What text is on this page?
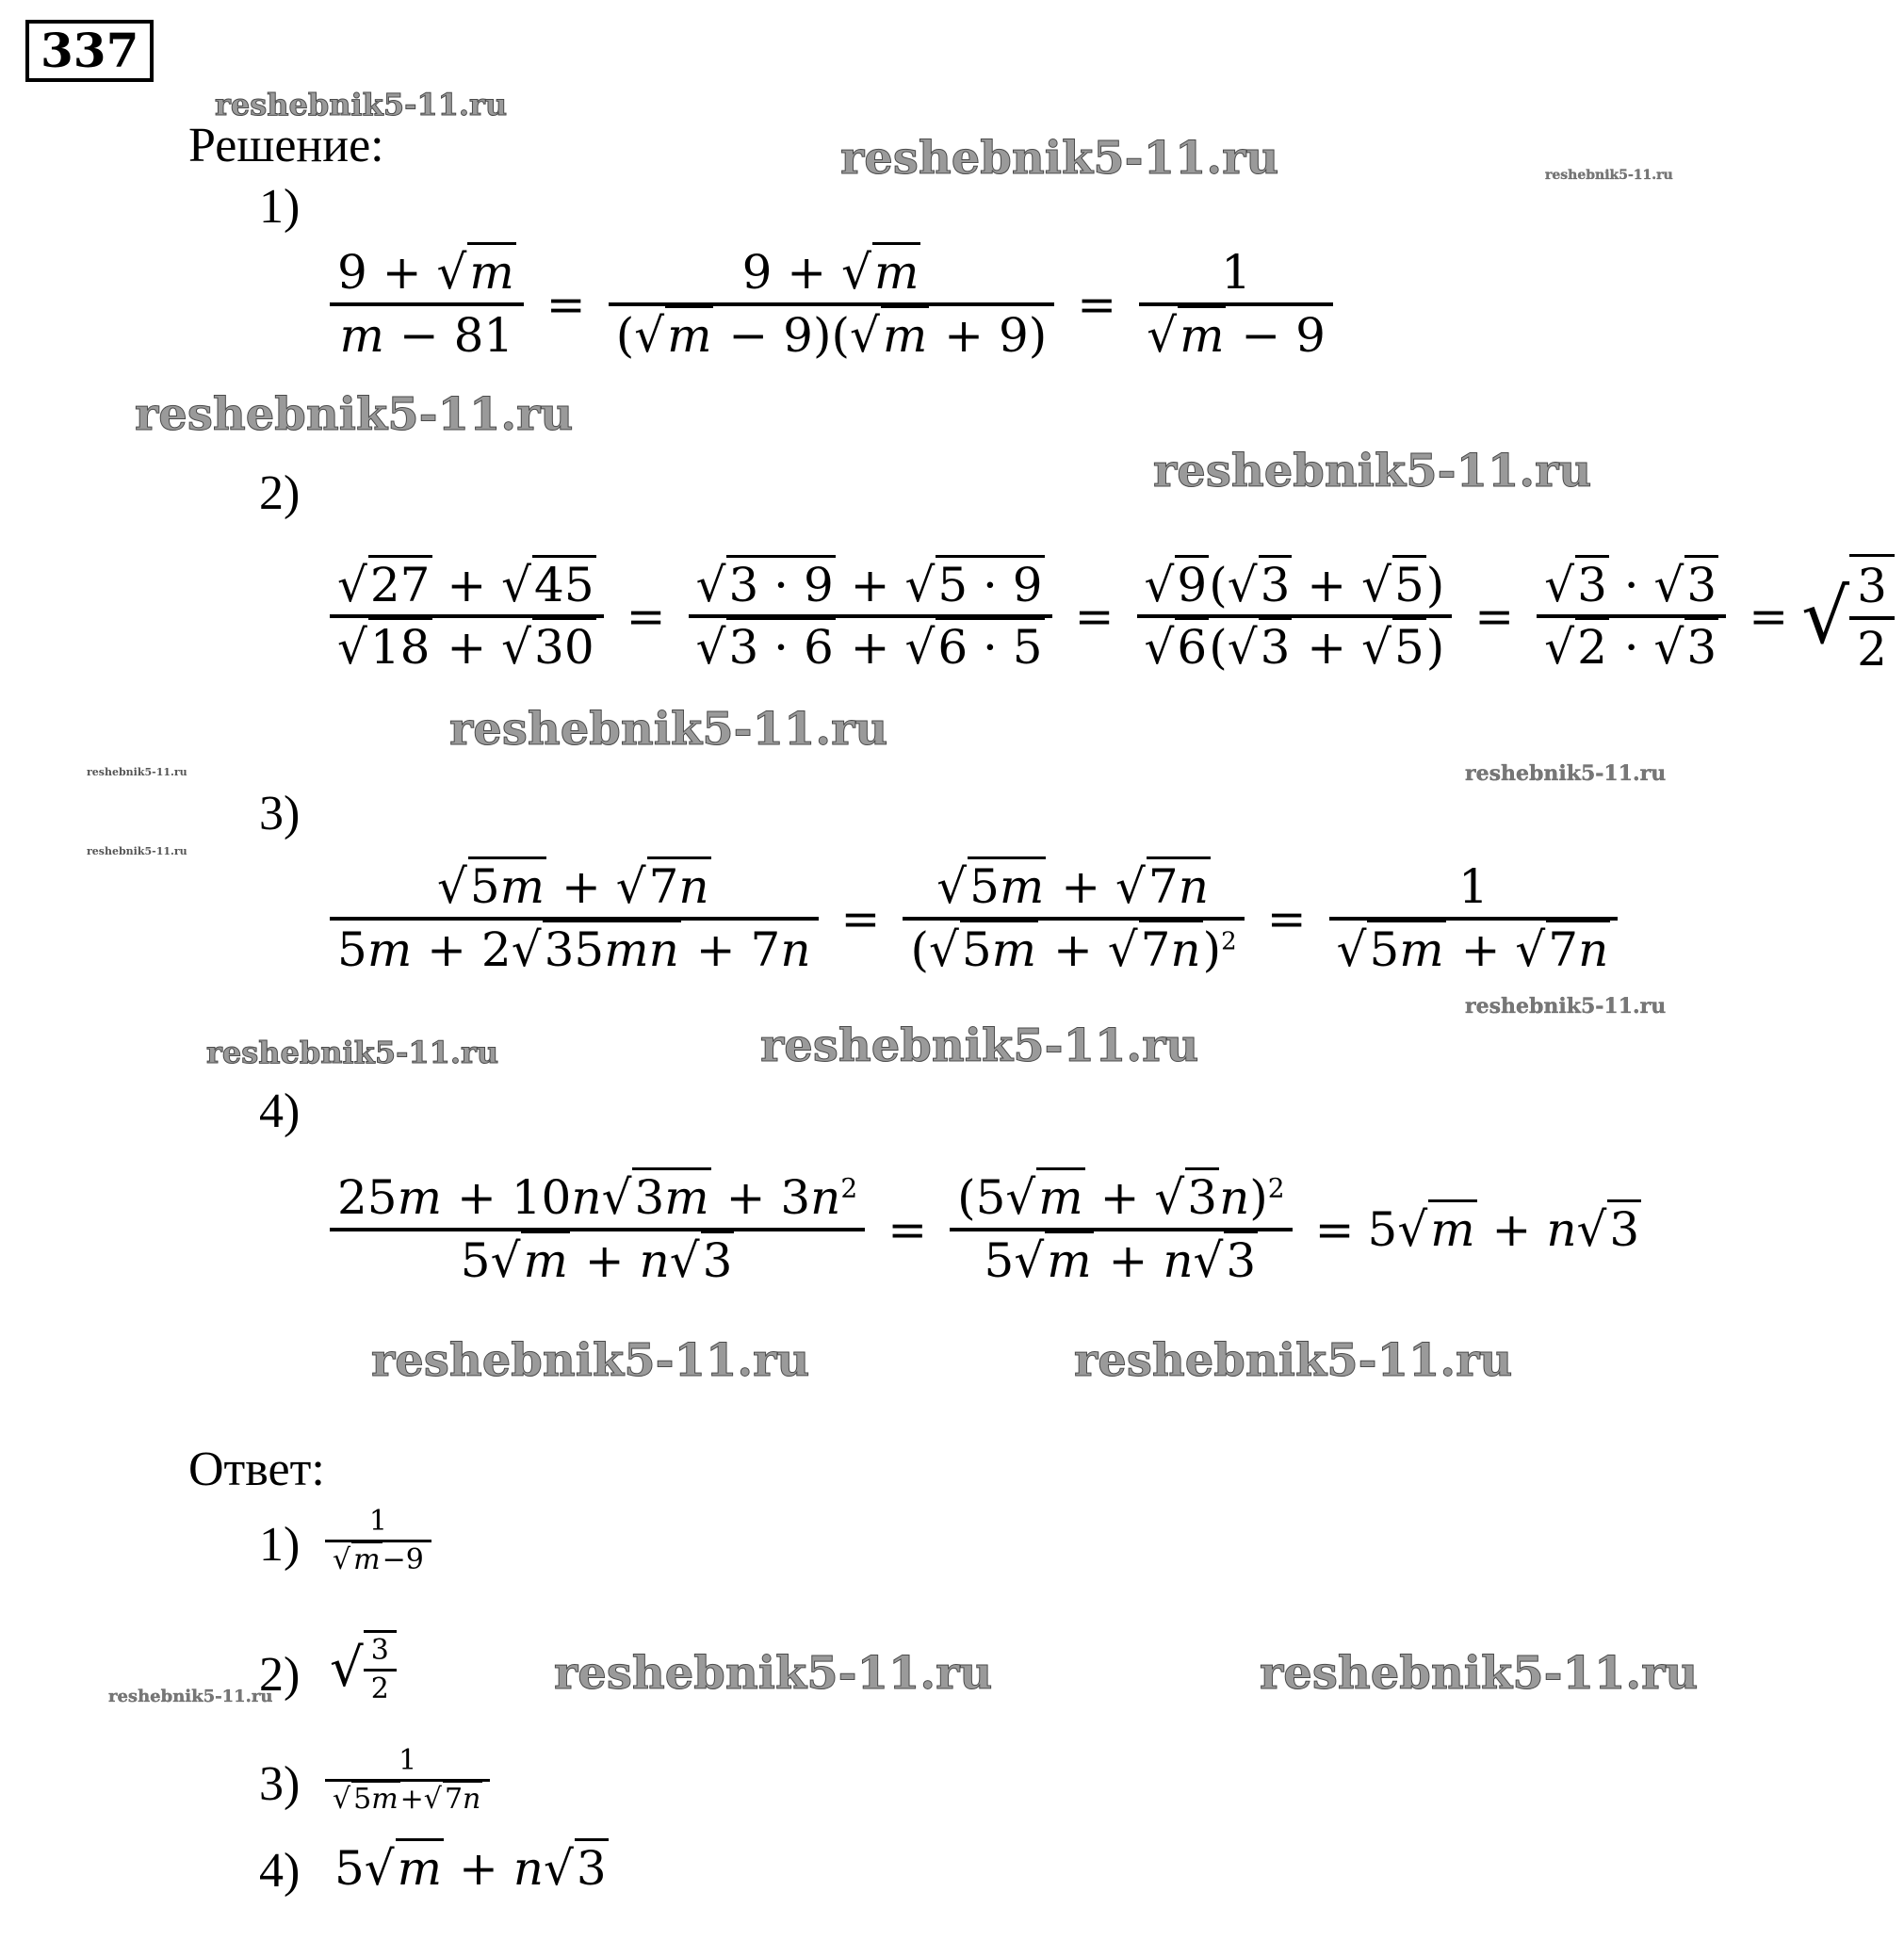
337
Решение:
reshebnik5-11.ru
reshebnik5-11.ru	reshebnik5-11.ru
reshebnik5-11.ru
reshebnik5-11.ru
reshebnik5-11.ru
reshebnik5-11.ru	reshebnik5-11.ru
reshebnik5-11.ru
reshebnik5-11.ru
reshebnik5-11.ru	reshebnik5-11.ru
reshebnik5-11.ru	reshebnik5-11.ru
reshebnik5-11.ru	reshebnik5-11.ru
reshebnik5-11.ru
1)
2)
3)
4)
$\frac{9 + √m}{m - 81} = \frac{9 + √m}{(√m - 9)(√m + 9)} = \frac{1}{√m - 9}$
$\frac{√27 + √45}{√18 + √30} = \frac{√3 \cdot 9 + √5 \cdot 9}{√3 \cdot 6 + √6 \cdot 5} = \frac{√9(√3 + √5)}{√6(√3 + √5)} = \frac{√3 \cdot √3}{√2 \cdot √3}$ = √ $\frac{3}{2}$
$\frac{√5m + √7n}{5m + 2√35mn + 7n} = \frac{√5m + √7n}{(√5m + √7n)^2} = \frac{1}{√5m + √7n}$
$\frac{25m + 10n√3m + 3n^2}{5√m + n√3} = \frac{(5√m + √3n)^2}{5√m + n√3} = 5√m + n√3$
Ответ:
$1) \frac{1}{√ m-9}$
2) √ $\frac{3}{2}$
$3) \frac{1}{√ 5m+√ 7n}$
4) 5√m + n√3
